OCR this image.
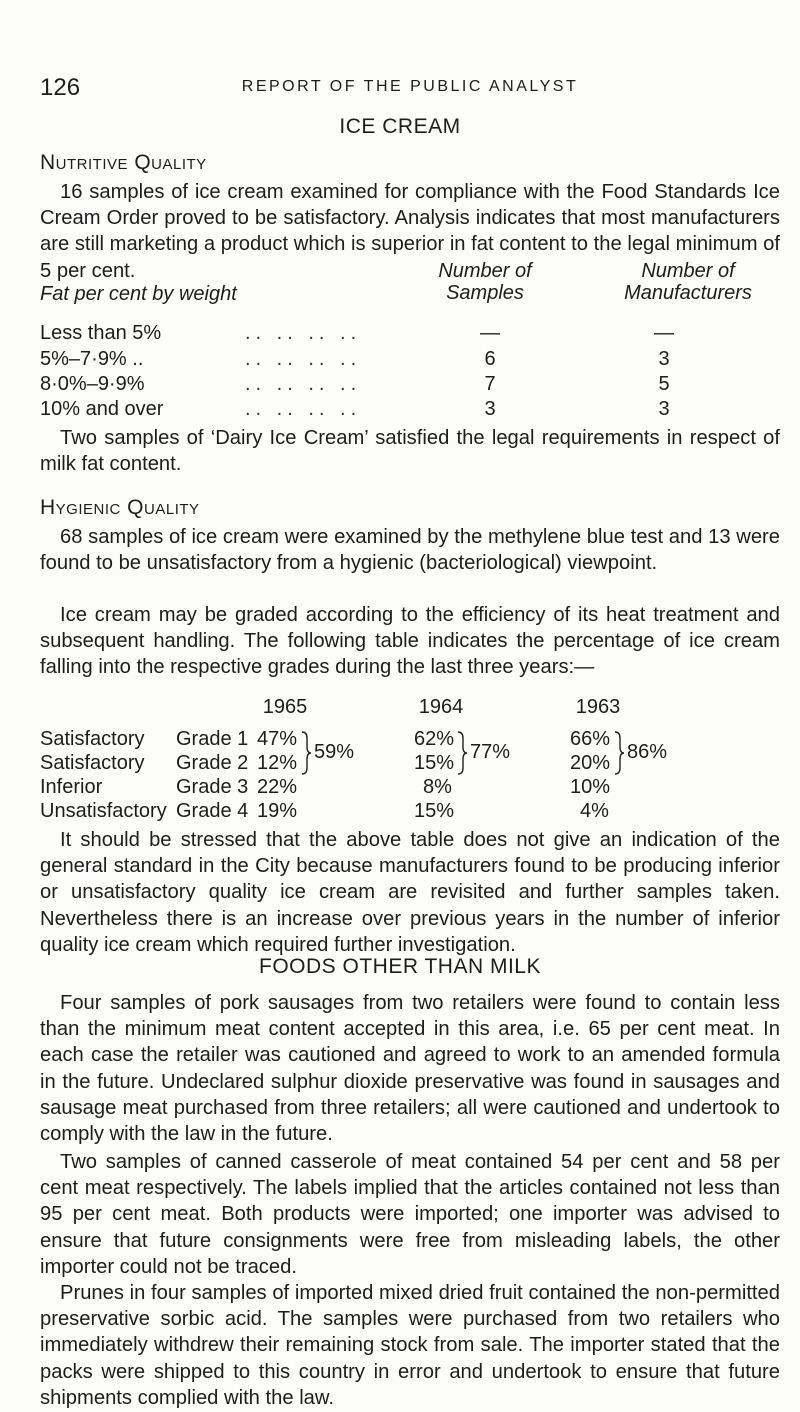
126	REPORT OF THE PUBLIC ANALYST
ICE CREAM
Nutritive Quality

16 samples of ice cream examined for compliance with the Food Standards Ice Cream Order proved to be satisfactory. Analysis indicates that most manufacturers are still marketing a product which is superior in fat content to the legal minimum of 5 per cent.

Fat per cent by weight
Number of Samples
Number of Manufacturers
Less than 5%	.. .. .. ..	—	—
5%–7·9% ..	.. .. .. ..	6	3
8·0%–9·9%	.. .. .. ..	7	5
10% and over	.. .. .. ..	3	3

Two samples of ‘Dairy Ice Cream’ satisfied the legal requirements in respect of milk fat content.

Hygienic Quality

68 samples of ice cream were examined by the methylene blue test and 13 were found to be unsatisfactory from a hygienic (bacteriological) viewpoint.

Ice cream may be graded according to the efficiency of its heat treatment and subsequent handling. The following table indicates the percentage of ice cream falling into the respective grades during the last three years:—

1965	1964	1963
Satisfactory Grade 1 47%	62%	66%
Satisfactory Grade 2 12%	15%	20%
59%	77%	86%
Inferior	Grade 3 22%	8%	10%
Unsatisfactory Grade 4 19%	15%	4%

It should be stressed that the above table does not give an indication of the general standard in the City because manufacturers found to be producing inferior or unsatisfactory quality ice cream are revisited and further samples taken. Nevertheless there is an increase over previous years in the number of inferior quality ice cream which required further investigation.

FOODS OTHER THAN MILK

Four samples of pork sausages from two retailers were found to contain less than the minimum meat content accepted in this area, i.e. 65 per cent meat. In each case the retailer was cautioned and agreed to work to an amended formula in the future. Undeclared sulphur dioxide preservative was found in sausages and sausage meat purchased from three retailers; all were cautioned and undertook to comply with the law in the future.

Two samples of canned casserole of meat contained 54 per cent and 58 per cent meat respectively. The labels implied that the articles contained not less than 95 per cent meat. Both products were imported; one importer was advised to ensure that future consignments were free from misleading labels, the other importer could not be traced.

Prunes in four samples of imported mixed dried fruit contained the non-permitted preservative sorbic acid. The samples were purchased from two retailers who immediately withdrew their remaining stock from sale. The importer stated that the packs were shipped to this country in error and undertook to ensure that future shipments complied with the law.
